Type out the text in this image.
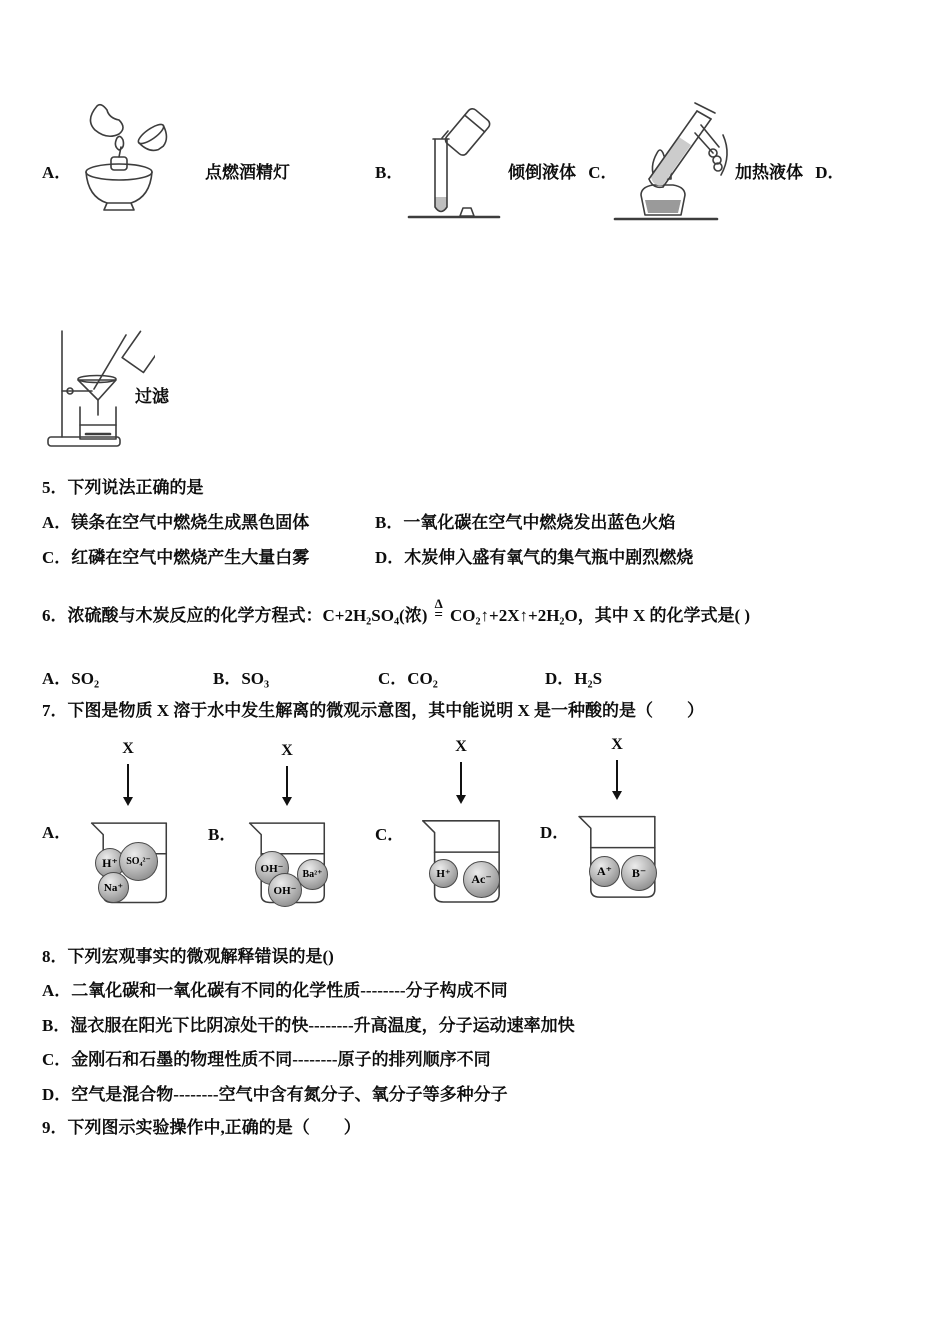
A．	点燃酒精灯	B．	倾倒液体 C．	加热液体 D．
过滤
5．下列说法正确的是
A．镁条在空气中燃烧生成黑色固体	B．一氧化碳在空气中燃烧发出蓝色火焰
C．红磷在空气中燃烧产生大量白雾	D．木炭伸入盛有氧气的集气瓶中剧烈燃烧
6．浓硫酸与木炭反应的化学方程式：C+2H₂SO₄(浓)
Δ
= CO₂↑+2X↑+2H₂O，其中 X 的化学式是( )
A．SO₂	B．SO₃	C．CO₂	D．H₂S
7．下图是物质 X 溶于水中发生解离的微观示意图，其中能说明 X 是一种酸的是（　　）
A．
X
H⁺ SO₄²⁻
Na⁺
B．
X
OH⁻	Ba²⁺
OH⁻
C．
X
H⁺	Ac⁻
D．
X
A⁺	B⁻
8．下列宏观事实的微观解释错误的是()
A．二氧化碳和一氧化碳有不同的化学性质--------分子构成不同
B．湿衣服在阳光下比阴凉处干的快--------升高温度，分子运动速率加快
C．金刚石和石墨的物理性质不同--------原子的排列顺序不同
D．空气是混合物--------空气中含有氮分子、氧分子等多种分子
9．下列图示实验操作中,正确的是（　　）
